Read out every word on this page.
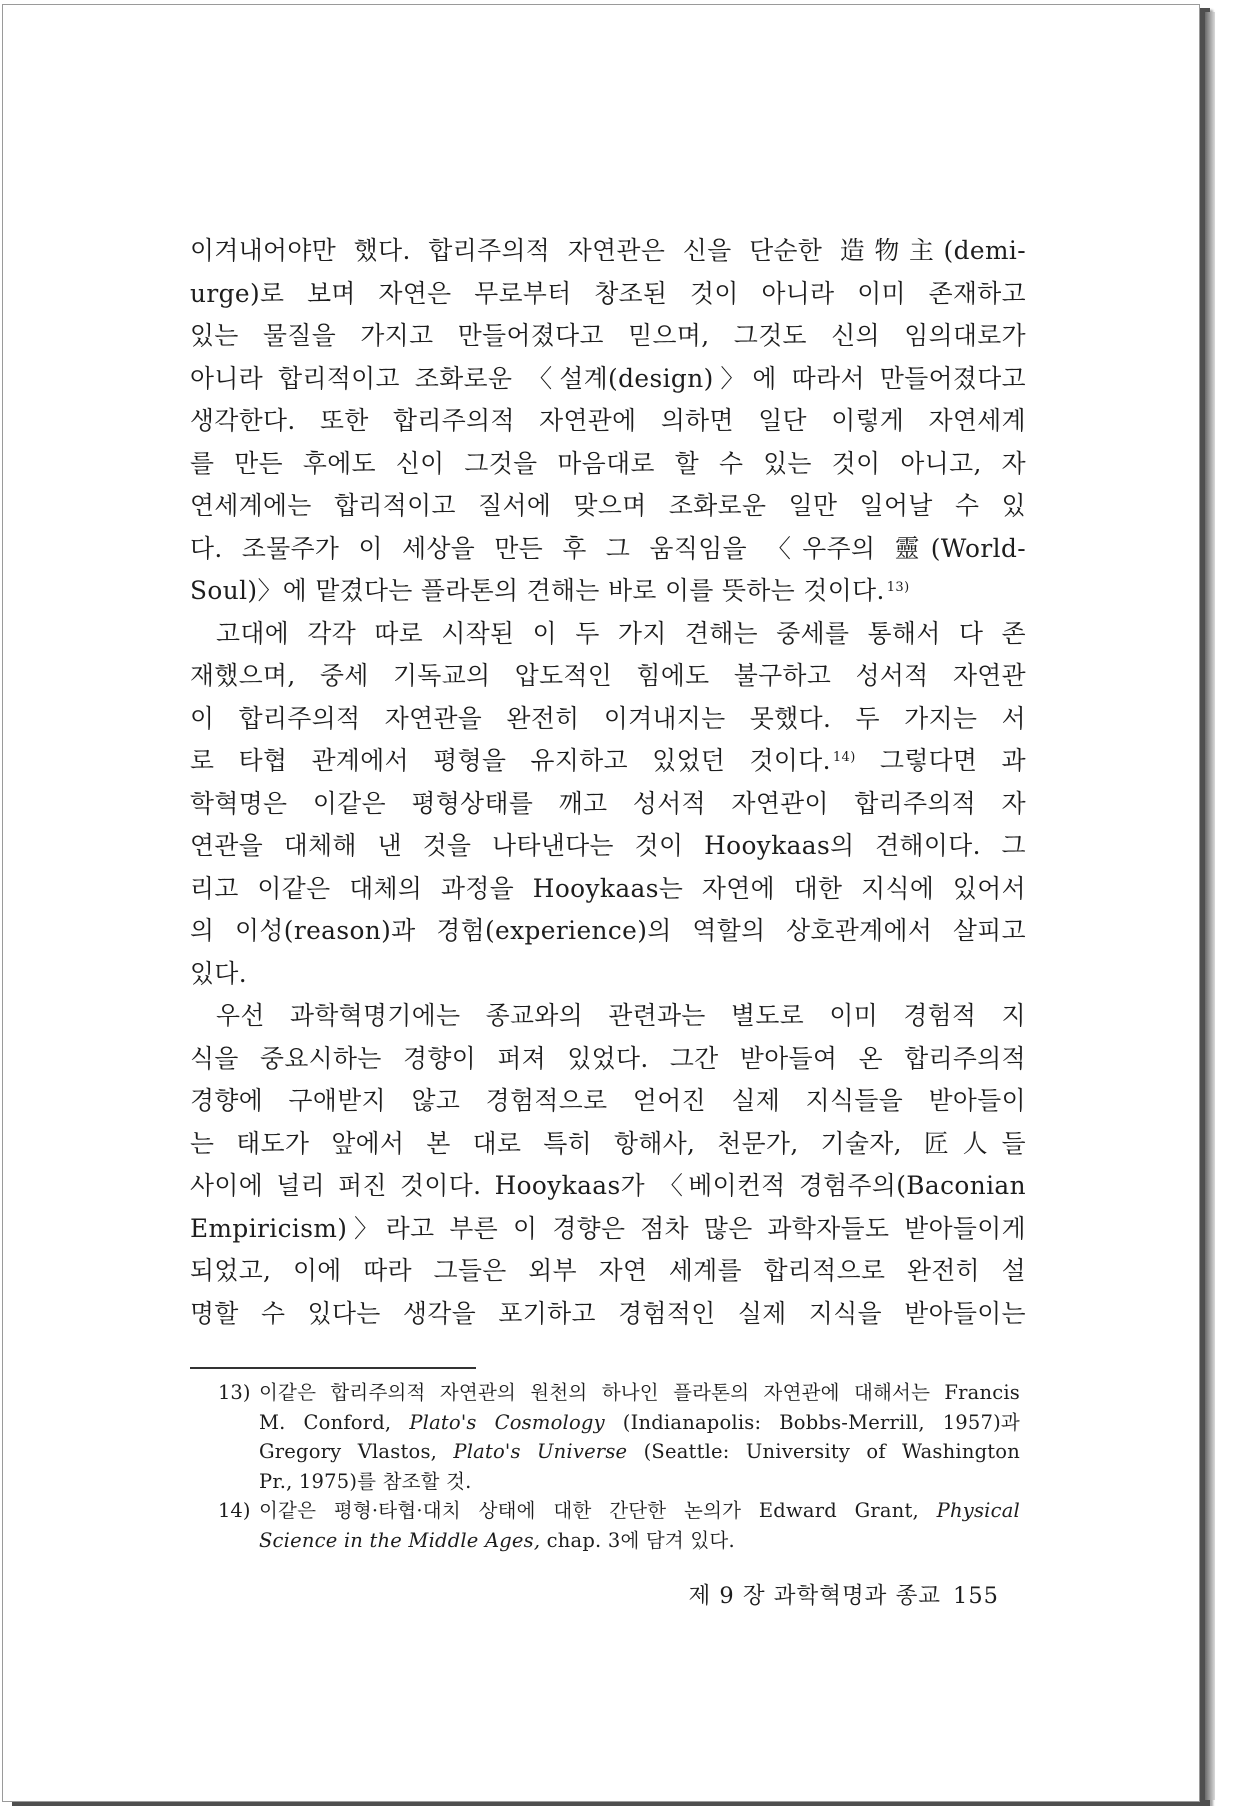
이겨내어야만 했다. 합리주의적 자연관은 신을 단순한 造物主(demi-
urge)로 보며 자연은 무로부터 창조된 것이 아니라 이미 존재하고
있는 물질을 가지고 만들어졌다고 믿으며, 그것도 신의 임의대로가
아니라 합리적이고 조화로운 〈설계(design)〉에 따라서 만들어졌다고
생각한다. 또한 합리주의적 자연관에 의하면 일단 이렇게 자연세계
를 만든 후에도 신이 그것을 마음대로 할 수 있는 것이 아니고, 자
연세계에는 합리적이고 질서에 맞으며 조화로운 일만 일어날 수 있
다. 조물주가 이 세상을 만든 후 그 움직임을 〈우주의 靈(World-
Soul)〉에 맡겼다는 플라톤의 견해는 바로 이를 뜻하는 것이다. $^{13)}$

고대에 각각 따로 시작된 이 두 가지 견해는 중세를 통해서 다 존
재했으며, 중세 기독교의 압도적인 힘에도 불구하고 성서적 자연관
이 합리주의적 자연관을 완전히 이겨내지는 못했다. 두 가지는 서
로 타협 관계에서 평형을 유지하고 있었던 것이다. $^{14)}$ 그렇다면 과
학혁명은 이같은 평형상태를 깨고 성서적 자연관이 합리주의적 자
연관을 대체해 낸 것을 나타낸다는 것이 Hooykaas의 견해이다. 그
리고 이같은 대체의 과정을 Hooykaas는 자연에 대한 지식에 있어서
의 이성(reason)과 경험(experience)의 역할의 상호관계에서 살피고
있다.

우선 과학혁명기에는 종교와의 관련과는 별도로 이미 경험적 지
식을 중요시하는 경향이 퍼져 있었다. 그간 받아들여 온 합리주의적
경향에 구애받지 않고 경험적으로 얻어진 실제 지식들을 받아들이
는 태도가 앞에서 본 대로 특히 항해사, 천문가, 기술자, 匠人들
사이에 널리 퍼진 것이다. Hooykaas가 〈베이컨적 경험주의(Baconian
Empiricism)〉라고 부른 이 경향은 점차 많은 과학자들도 받아들이게
되었고, 이에 따라 그들은 외부 자연 세계를 합리적으로 완전히 설
명할 수 있다는 생각을 포기하고 경험적인 실제 지식을 받아들이는

13) 이같은 합리주의적 자연관의 원천의 하나인 플라톤의 자연관에 대해서는 Francis
M. Conford, Plato's Cosmology (Indianapolis: Bobbs-Merrill, 1957)과
Gregory Vlastos, Plato's Universe (Seattle: University of Washington
Pr., 1975)를 참조할 것.
14) 이같은 평형·타협·대치 상태에 대한 간단한 논의가 Edward Grant, Physical
Science in the Middle Ages, chap. 3에 담겨 있다.
제 9 장 과학혁명과 종교 155
